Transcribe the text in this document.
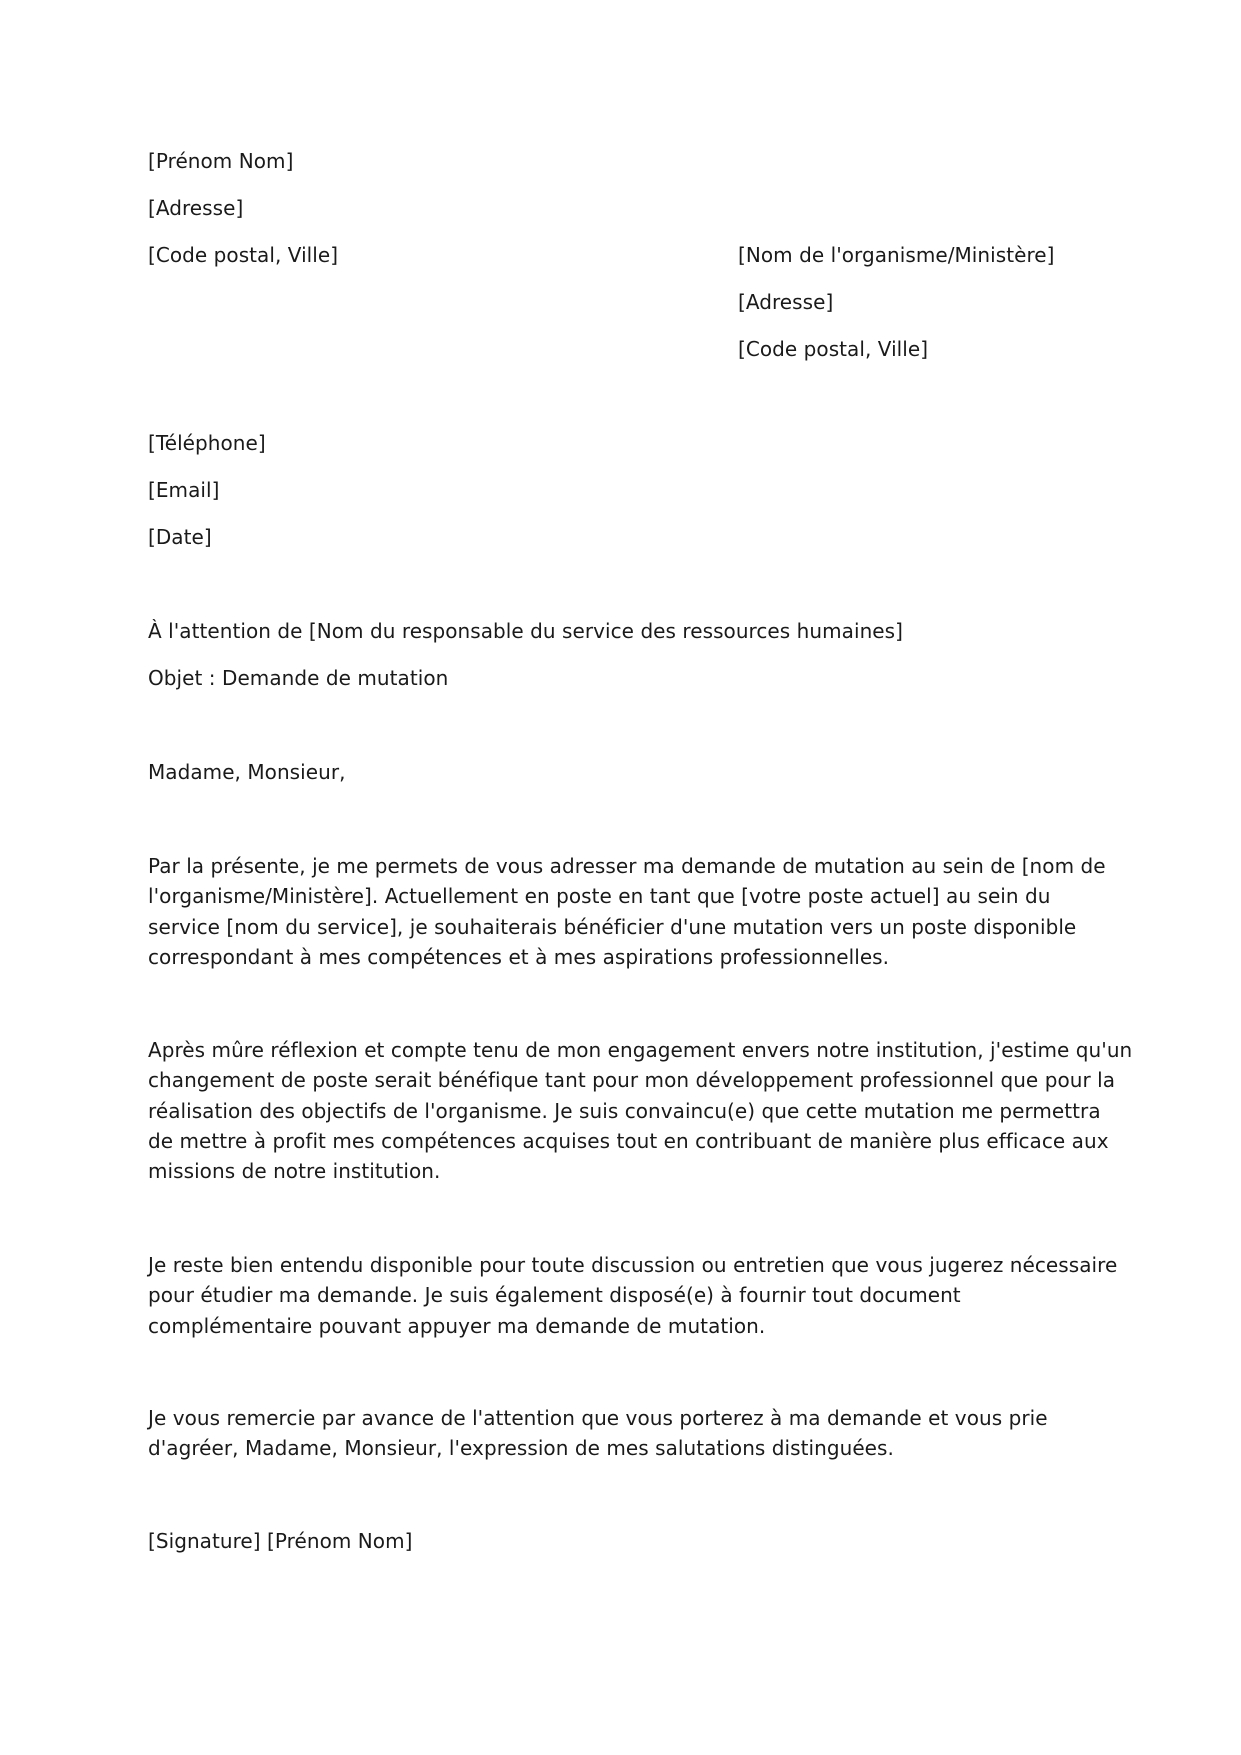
[Prénom Nom]
[Adresse]
[Code postal, Ville]	[Nom de l'organisme/Ministère]
[Adresse]
[Code postal, Ville]
[Téléphone]
[Email]
[Date]
À l'attention de [Nom du responsable du service des ressources humaines]
Objet : Demande de mutation
Madame, Monsieur,
Par la présente, je me permets de vous adresser ma demande de mutation au sein de [nom de
l'organisme/Ministère]. Actuellement en poste en tant que [votre poste actuel] au sein du
service [nom du service], je souhaiterais bénéficier d'une mutation vers un poste disponible
correspondant à mes compétences et à mes aspirations professionnelles.
Après mûre réflexion et compte tenu de mon engagement envers notre institution, j'estime qu'un
changement de poste serait bénéfique tant pour mon développement professionnel que pour la
réalisation des objectifs de l'organisme. Je suis convaincu(e) que cette mutation me permettra
de mettre à profit mes compétences acquises tout en contribuant de manière plus efficace aux
missions de notre institution.
Je reste bien entendu disponible pour toute discussion ou entretien que vous jugerez nécessaire
pour étudier ma demande. Je suis également disposé(e) à fournir tout document
complémentaire pouvant appuyer ma demande de mutation.
Je vous remercie par avance de l'attention que vous porterez à ma demande et vous prie
d'agréer, Madame, Monsieur, l'expression de mes salutations distinguées.
[Signature] [Prénom Nom]
